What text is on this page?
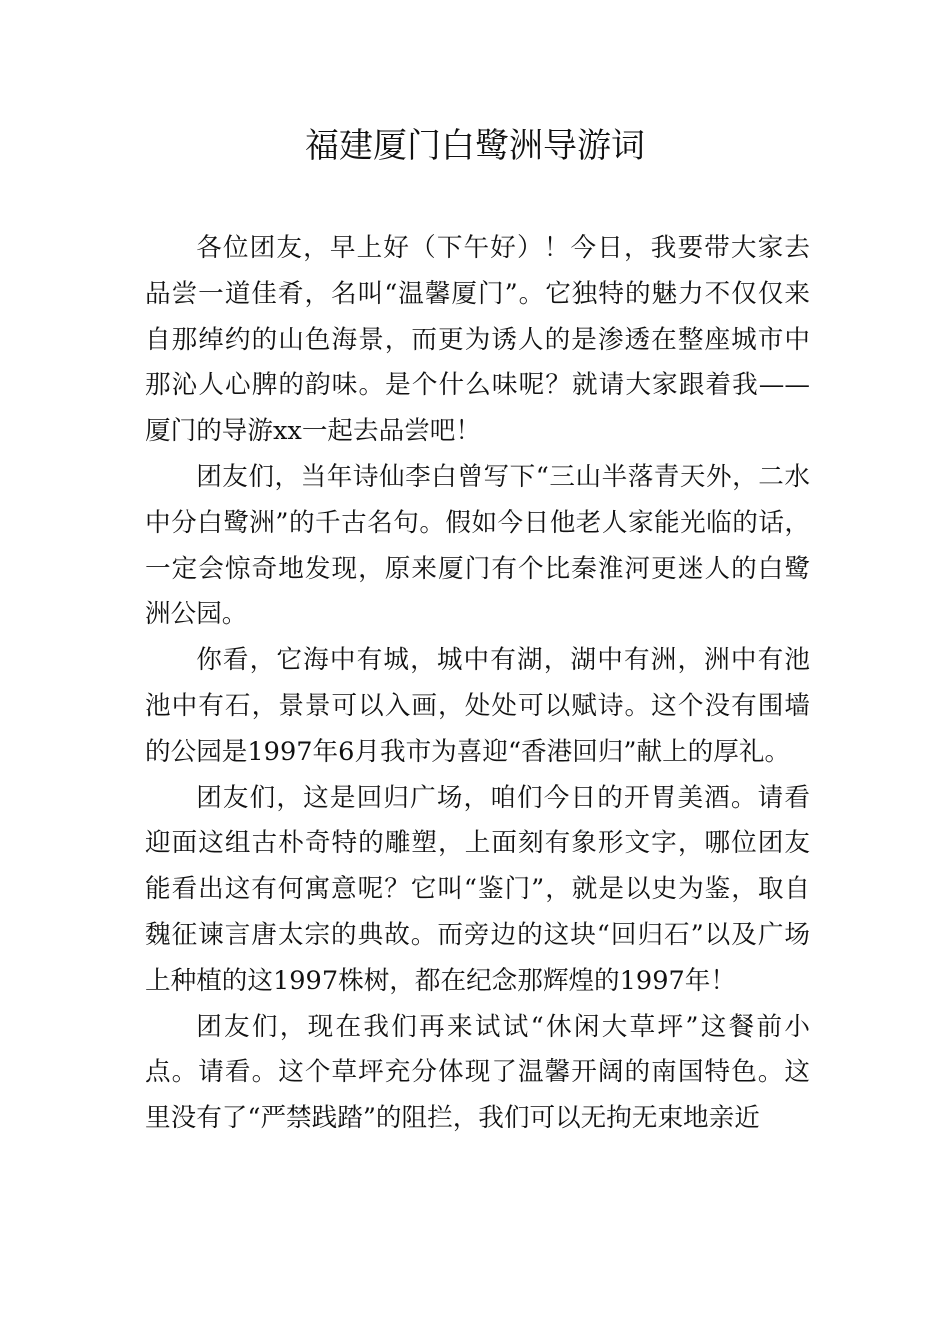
福建厦门白鹭洲导游词

各位团友，早上好（下午好）！今日，我要带大家去品尝一道佳肴，名叫“温馨厦门”。它独特的魅力不仅仅来自那绰约的山色海景，而更为诱人的是渗透在整座城市中那沁人心脾的韵味。是个什么味呢？就请大家跟着我——厦门的导游xx一起去品尝吧！

团友们，当年诗仙李白曾写下“三山半落青天外，二水中分白鹭洲”的千古名句。假如今日他老人家能光临的话，一定会惊奇地发现，原来厦门有个比秦淮河更迷人的白鹭洲公园。

你看，它海中有城，城中有湖，湖中有洲，洲中有池池中有石，景景可以入画，处处可以赋诗。这个没有围墙的公园是1997年6月我市为喜迎“香港回归”献上的厚礼。

团友们，这是回归广场，咱们今日的开胃美酒。请看迎面这组古朴奇特的雕塑，上面刻有象形文字，哪位团友能看出这有何寓意呢？它叫“鉴门”，就是以史为鉴，取自魏征谏言唐太宗的典故。而旁边的这块“回归石”以及广场上种植的这1997株树，都在纪念那辉煌的1997年！

团友们，现在我们再来试试“休闲大草坪”这餐前小点。请看。这个草坪充分体现了温馨开阔的南国特色。这里没有了“严禁践踏”的阻拦，我们可以无拘无束地亲近
